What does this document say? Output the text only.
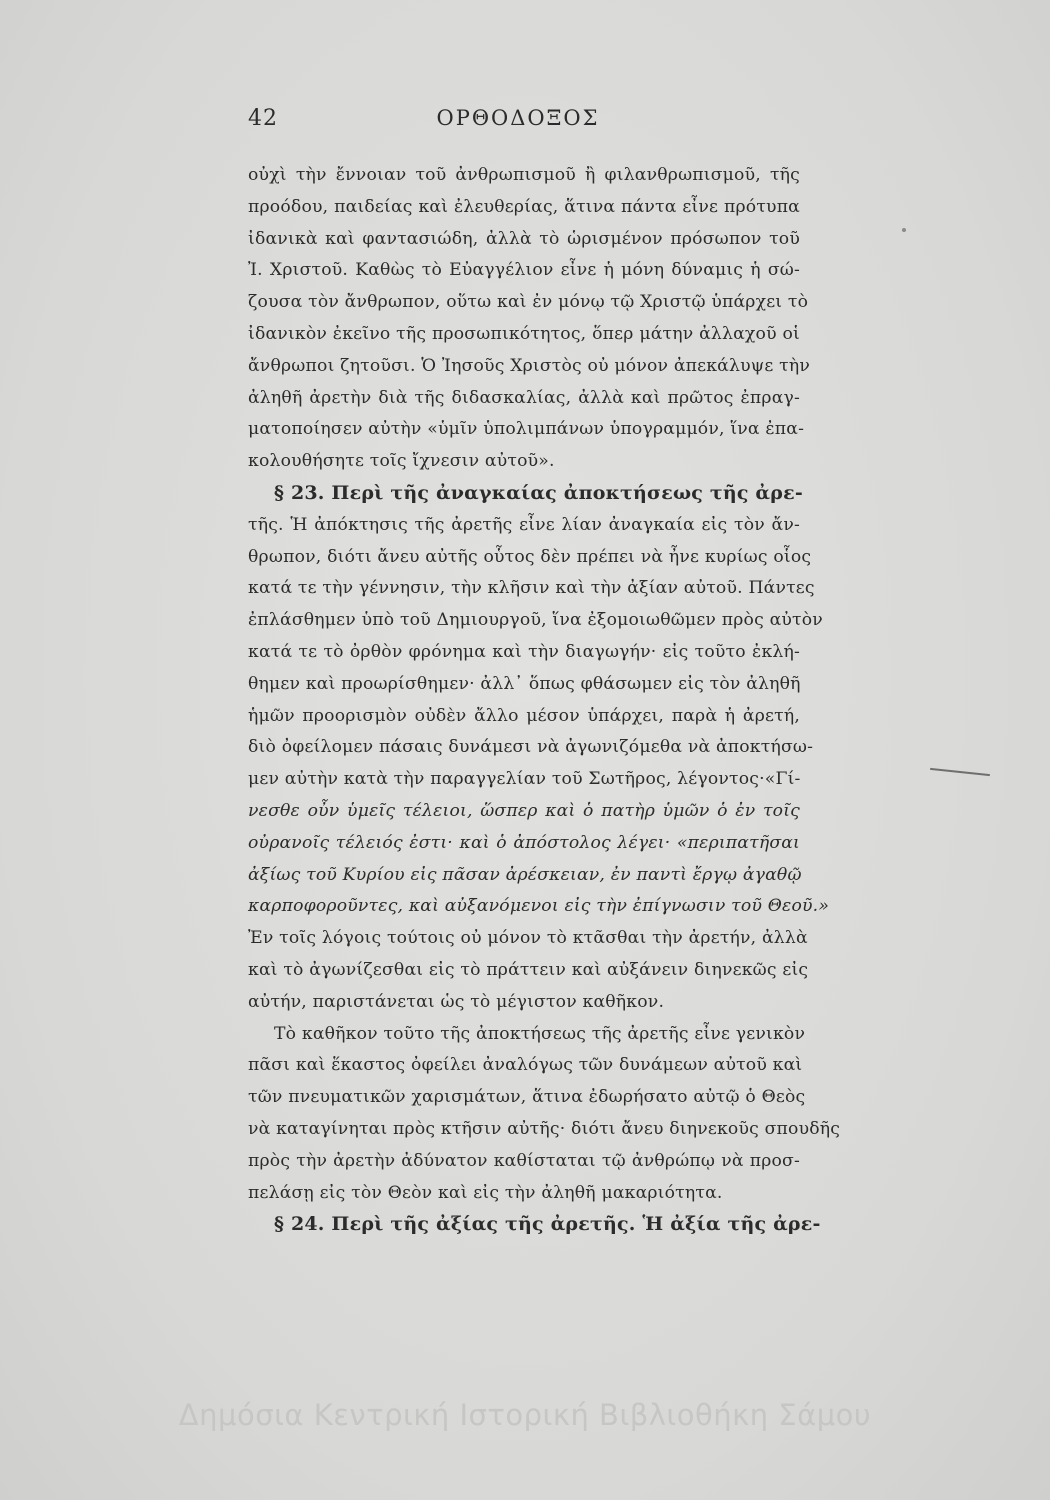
42	ΟΡΘΟΔΟΞΟΣ
οὐχὶ τὴν ἔννοιαν τοῦ ἀνθρωπισμοῦ ἢ φιλανθρωπισμοῦ, τῆς
προόδου, παιδείας καὶ ἐλευθερίας, ἅτινα πάντα εἶνε πρότυπα
ἰδανικὰ καὶ φαντασιώδη, ἀλλὰ τὸ ὡρισμένον πρόσωπον τοῦ
Ἰ. Χριστοῦ. Καθὼς τὸ Εὐαγγέλιον εἶνε ἡ μόνη δύναμις ἡ σώ-
ζουσα τὸν ἄνθρωπον, οὕτω καὶ ἐν μόνῳ τῷ Χριστῷ ὑπάρχει τὸ
ἰδανικὸν ἐκεῖνο τῆς προσωπικότητος, ὅπερ μάτην ἀλλαχοῦ οἱ
ἄνθρωποι ζητοῦσι. Ὁ Ἰησοῦς Χριστὸς οὐ μόνον ἀπεκάλυψε τὴν
ἀληθῆ ἀρετὴν διὰ τῆς διδασκαλίας, ἀλλὰ καὶ πρῶτος ἐπραγ-
ματοποίησεν αὐτὴν «ὑμῖν ὑπολιμπάνων ὑπογραμμόν, ἵνα ἐπα-
κολουθήσητε τοῖς ἴχνεσιν αὐτοῦ».
§ 23. Περὶ τῆς ἀναγκαίας ἀποκτήσεως τῆς ἀρε-
τῆς. Ἡ ἀπόκτησις τῆς ἀρετῆς εἶνε λίαν ἀναγκαία εἰς τὸν ἄν-
θρωπον, διότι ἄνευ αὐτῆς οὗτος δὲν πρέπει νὰ ἦνε κυρίως οἷος
κατά τε τὴν γέννησιν, τὴν κλῆσιν καὶ τὴν ἀξίαν αὐτοῦ. Πάντες
ἐπλάσθημεν ὑπὸ τοῦ Δημιουργοῦ, ἵνα ἐξομοιωθῶμεν πρὸς αὐτὸν
κατά τε τὸ ὀρθὸν φρόνημα καὶ τὴν διαγωγήν· εἰς τοῦτο ἐκλή-
θημεν καὶ προωρίσθημεν· ἀλλ᾽ ὅπως φθάσωμεν εἰς τὸν ἀληθῆ
ἡμῶν προορισμὸν οὐδὲν ἄλλο μέσον ὑπάρχει, παρὰ ἡ ἀρετή,
διὸ ὀφείλομεν πάσαις δυνάμεσι νὰ ἀγωνιζόμεθα νὰ ἀποκτήσω-
μεν αὐτὴν κατὰ τὴν παραγγελίαν τοῦ Σωτῆρος, λέγοντος·«Γί-
νεσθε οὖν ὑμεῖς τέλειοι, ὥσπερ καὶ ὁ πατὴρ ὑμῶν ὁ ἐν τοῖς
οὐρανοῖς τέλειός ἐστι· καὶ ὁ ἀπόστολος λέγει· «περιπατῆσαι
ἀξίως τοῦ Κυρίου εἰς πᾶσαν ἀρέσκειαν, ἐν παντὶ ἔργῳ ἀγαθῷ
καρποφοροῦντες, καὶ αὐξανόμενοι εἰς τὴν ἐπίγνωσιν τοῦ Θεοῦ.»
Ἐν τοῖς λόγοις τούτοις οὐ μόνον τὸ κτᾶσθαι τὴν ἀρετήν, ἀλλὰ
καὶ τὸ ἀγωνίζεσθαι εἰς τὸ πράττειν καὶ αὐξάνειν διηνεκῶς εἰς
αὐτήν, παριστάνεται ὡς τὸ μέγιστον καθῆκον.
Τὸ καθῆκον τοῦτο τῆς ἀποκτήσεως τῆς ἀρετῆς εἶνε γενικὸν
πᾶσι καὶ ἕκαστος ὀφείλει ἀναλόγως τῶν δυνάμεων αὐτοῦ καὶ
τῶν πνευματικῶν χαρισμάτων, ἅτινα ἐδωρήσατο αὐτῷ ὁ Θεὸς
νὰ καταγίνηται πρὸς κτῆσιν αὐτῆς· διότι ἄνευ διηνεκοῦς σπουδῆς
πρὸς τὴν ἀρετὴν ἀδύνατον καθίσταται τῷ ἀνθρώπῳ νὰ προσ-
πελάσῃ εἰς τὸν Θεὸν καὶ εἰς τὴν ἀληθῆ μακαριότητα.
§ 24. Περὶ τῆς ἀξίας τῆς ἀρετῆς. Ἡ ἀξία τῆς ἀρε-
Δημόσια Κεντρική Ιστορική Βιβλιοθήκη Σάμου
